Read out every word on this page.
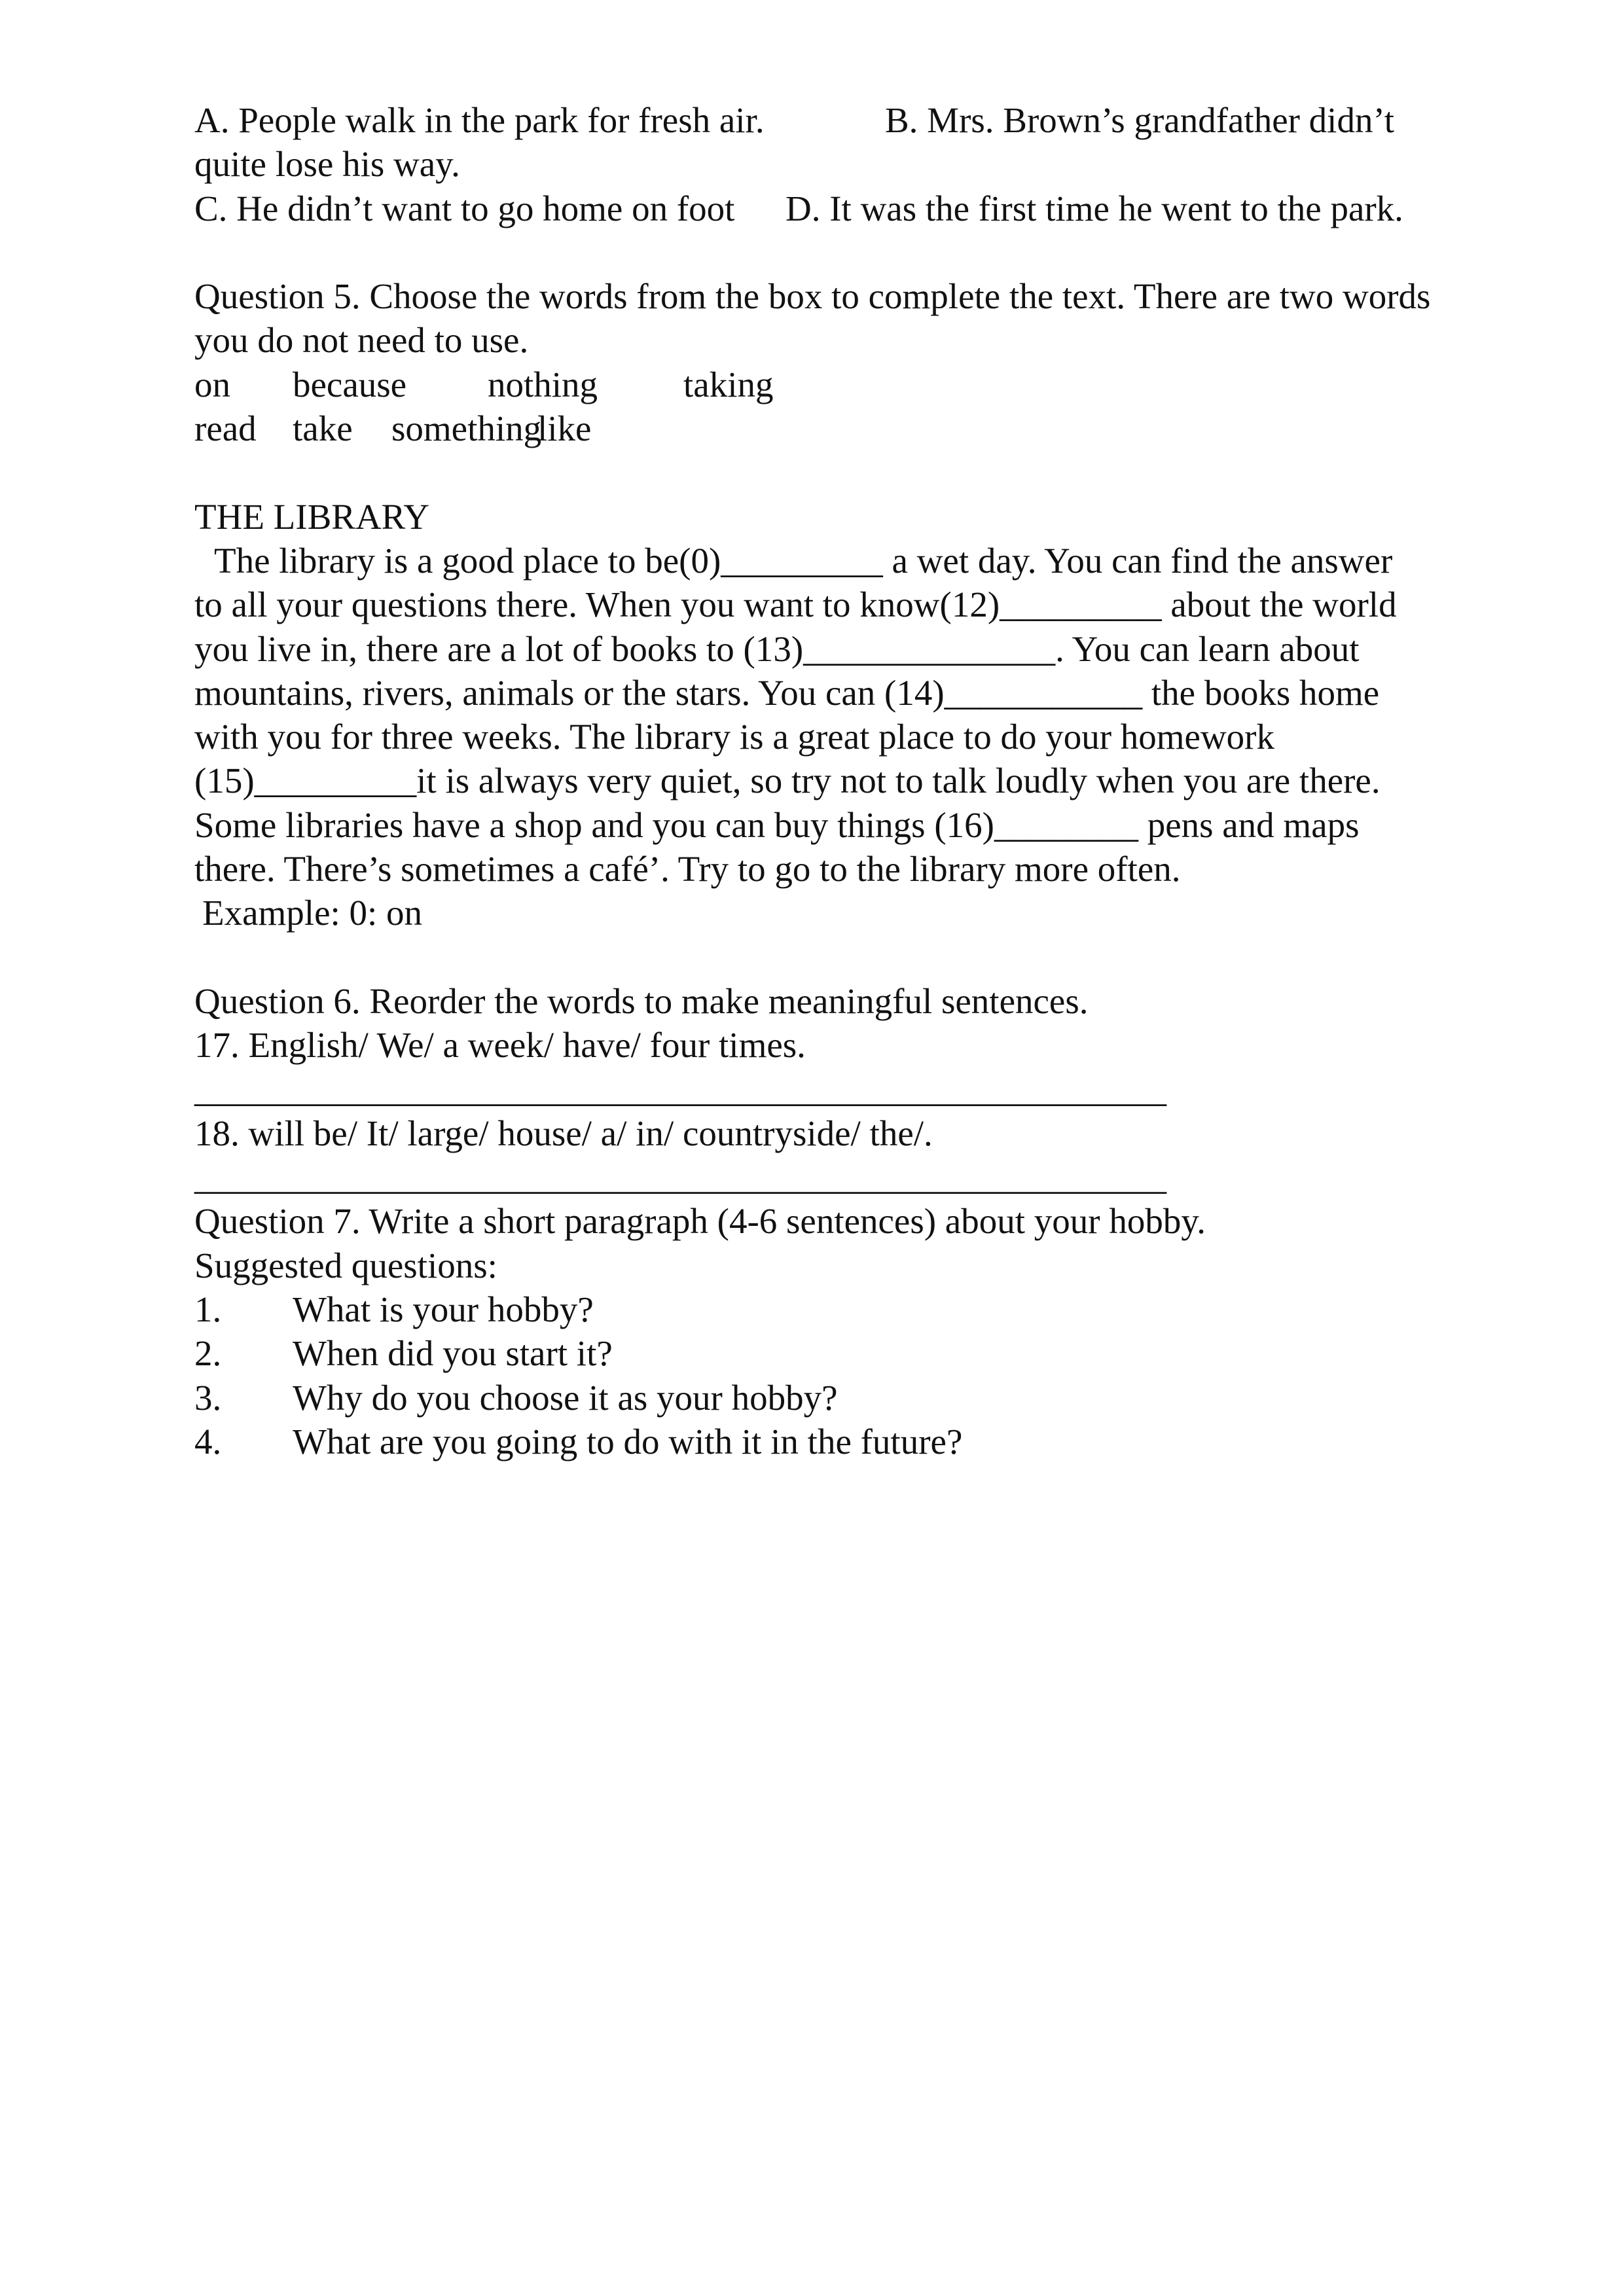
A. People walk in the park for fresh air.	B. Mrs. Brown’s grandfather didn’t
quite lose his way.
C. He didn’t want to go home on foot D. It was the first time he went to the park.
Question 5. Choose the words from the box to complete the text. There are two words
you do not need to use.
on because nothing taking
read take somethinglike
THE LIBRARY
The library is a good place to be(0)_________ a wet day. You can find the answer
to all your questions there. When you want to know(12)_________ about the world
you live in, there are a lot of books to (13)______________. You can learn about
mountains, rivers, animals or the stars. You can (14)___________ the books home
with you for three weeks. The library is a great place to do your homework
(15)_________it is always very quiet, so try not to talk loudly when you are there.
Some libraries have a shop and you can buy things (16)________ pens and maps
there. There’s sometimes a café’. Try to go to the library more often.
Example: 0: on
Question 6. Reorder the words to make meaningful sentences.
17. English/ We/ a week/ have/ four times.
______________________________________________________
18. will be/ It/ large/ house/ a/ in/ countryside/ the/.
______________________________________________________
Question 7. Write a short paragraph (4-6 sentences) about your hobby.
Suggested questions:
1. What is your hobby?
2. When did you start it?
3. Why do you choose it as your hobby?
4. What are you going to do with it in the future?
